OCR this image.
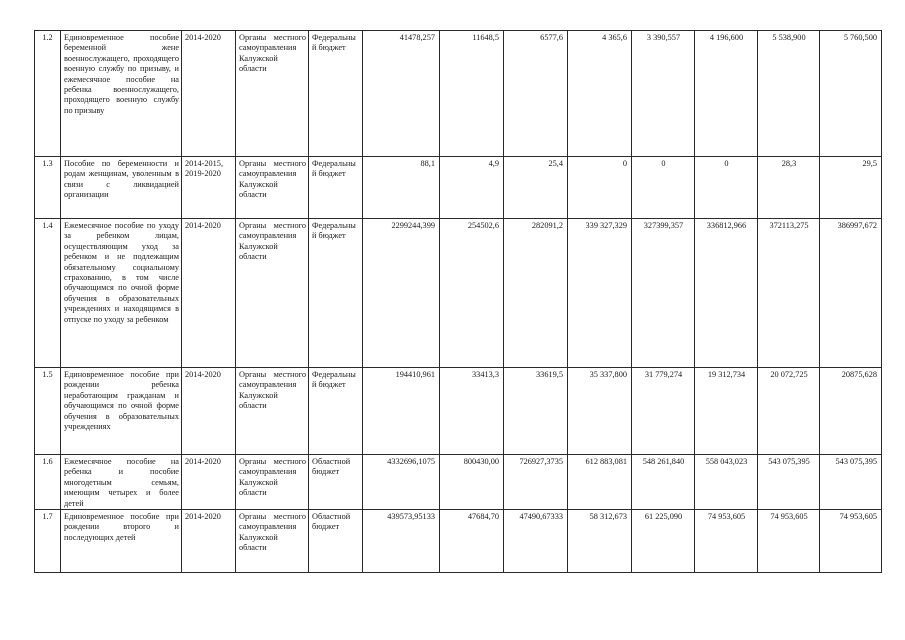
1.2	Единовременное пособие беременной жене военнослужащего, проходящего военную службу по призыву, и ежемесячное пособие на ребенка военнослужащего, проходящего военную службу по призыву	2014-2020	Органы местного самоуправления Калужской области	Федеральный бюджет	41478,257	11648,5	6577,6	4 365,6	3 390,557	4 196,600	5 538,900	5 760,500
1.3	Пособие по беременности и родам женщинам, уволенным в связи с ликвидацией организации	2014-2015, 2019-2020	Органы местного самоуправления Калужской области	Федеральный бюджет	88,1	4,9	25,4	0	0	0	28,3	29,5
1.4	Ежемесячное пособие по уходу за ребенком лицам, осуществляющим уход за ребенком и не подлежащим обязательному социальному страхованию, в том числе обучающимся по очной форме обучения в образовательных учреждениях и находящимся в отпуске по уходу за ребенком	2014-2020	Органы местного самоуправления Калужской области	Федеральный бюджет	2299244,399	254502,6	282091,2	339 327,329	327399,357	336812,966	372113,275	386997,672
1.5	Единовременное пособие при рождении ребенка неработающим гражданам и обучающимся по очной форме обучения в образовательных учреждениях	2014-2020	Органы местного самоуправления Калужской области	Федеральный бюджет	194410,961	33413,3	33619,5	35 337,800	31 779,274	19 312,734	20 072,725	20875,628
1.6	Ежемесячное пособие на ребенка и пособие многодетным семьям, имеющим четырех и более детей	2014-2020	Органы местного самоуправления Калужской области	Областной бюджет	4332696,1075	800430,00	726927,3735	612 883,081	548 261,840	558 043,023	543 075,395	543 075,395
1.7	Единовременное пособие при рождении второго и последующих детей	2014-2020	Органы местного самоуправления Калужской области	Областной бюджет	439573,95133	47684,70	47490,67333	58 312,673	61 225,090	74 953,605	74 953,605	74 953,605
